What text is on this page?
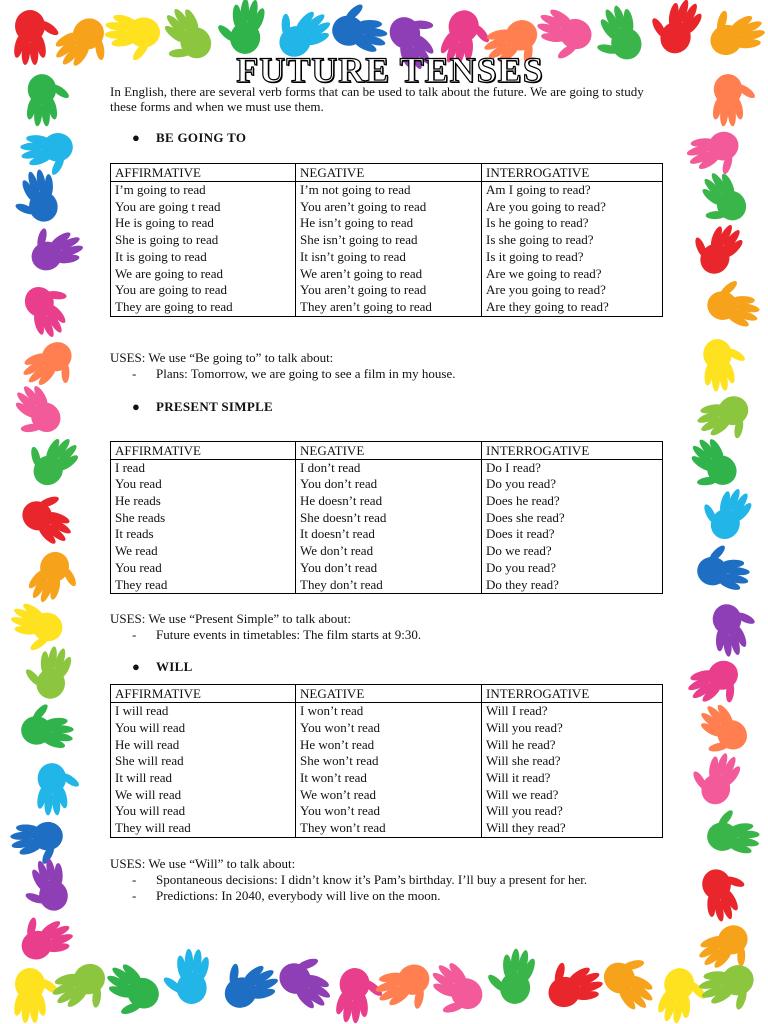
FUTURE TENSES

In English, there are several verb forms that can be used to talk about the future. We are going to study these forms and when we must use them.

● BE GOING TO

AFFIRMATIVE	NEGATIVE	INTERROGATIVE
I’m going to read	I’m not going to read	Am I going to read?
You are going t read	You aren’t going to read	Are you going to read?
He is going to read	He isn’t going to read	Is he going to read?
She is going to read	She isn’t going to read	Is she going to read?
It is going to read	It isn’t going to read	Is it going to read?
We are going to read	We aren’t going to read	Are we going to read?
You are going to read	You aren’t going to read	Are you going to read?
They are going to read	They aren’t going to read	Are they going to read?

USES: We use “Be going to” to talk about:

- Plans: Tomorrow, we are going to see a film in my house.

● PRESENT SIMPLE

AFFIRMATIVE	NEGATIVE	INTERROGATIVE
I read	I don’t read	Do I read?
You read	You don’t read	Do you read?
He reads	He doesn’t read	Does he read?
She reads	She doesn’t read	Does she read?
It reads	It doesn’t read	Does it read?
We read	We don’t read	Do we read?
You read	You don’t read	Do you read?
They read	They don’t read	Do they read?

USES: We use “Present Simple” to talk about:

- Future events in timetables: The film starts at 9:30.

● WILL

AFFIRMATIVE	NEGATIVE	INTERROGATIVE
I will read	I won’t read	Will I read?
You will read	You won’t read	Will you read?
He will read	He won’t read	Will he read?
She will read	She won’t read	Will she read?
It will read	It won’t read	Will it read?
We will read	We won’t read	Will we read?
You will read	You won’t read	Will you read?
They will read	They won’t read	Will they read?

USES: We use “Will” to talk about:

- Spontaneous decisions: I didn’t know it’s Pam’s birthday. I’ll buy a present for her.

- Predictions: In 2040, everybody will live on the moon.
